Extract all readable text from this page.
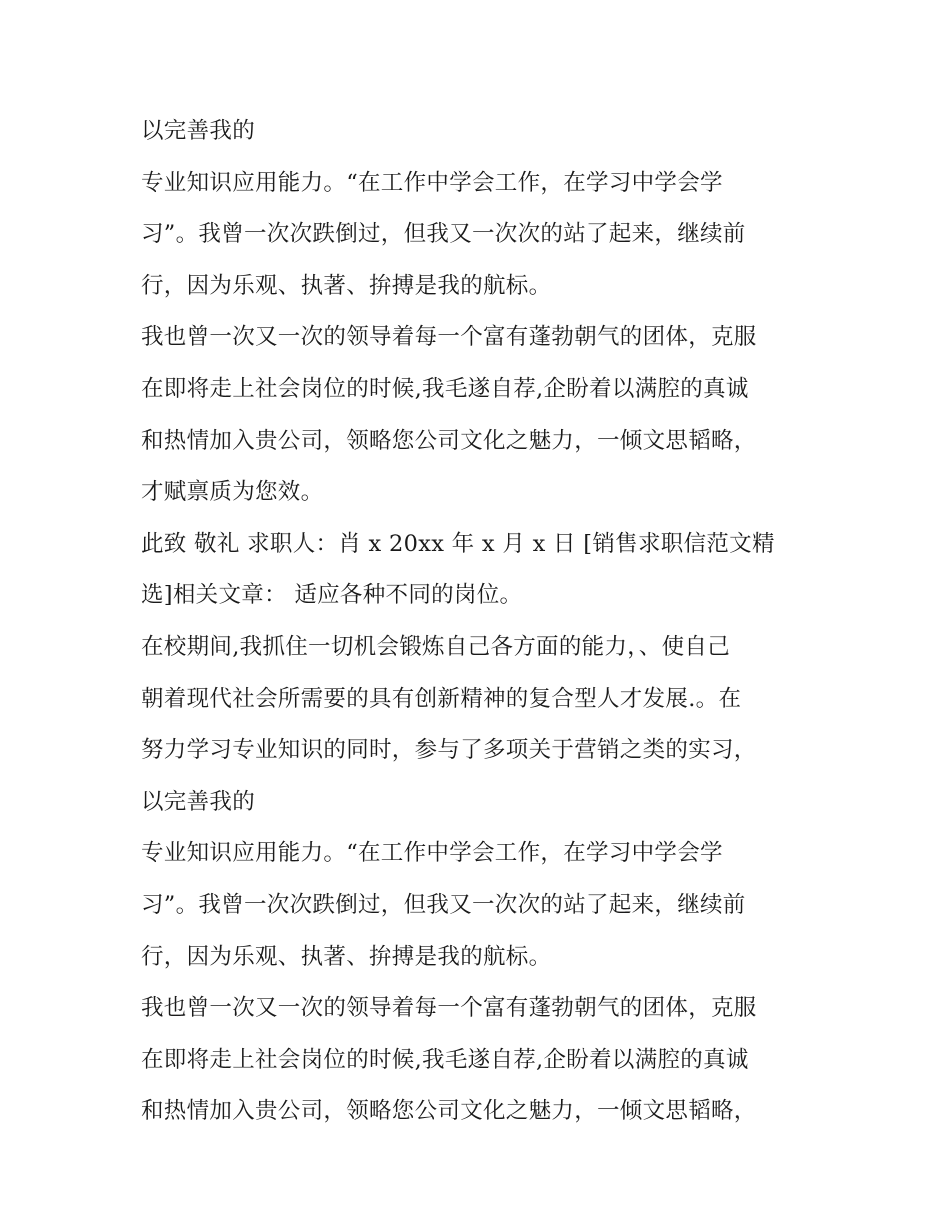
以完善我的
专业知识应用能力。“在工作中学会工作，在学习中学会学
习”。我曾一次次跌倒过，但我又一次次的站了起来，继续前
行，因为乐观、执著、拚搏是我的航标。
我也曾一次又一次的领导着每一个富有蓬勃朝气的团体，克服
在即将走上社会岗位的时候,我毛遂自荐,企盼着以满腔的真诚
和热情加入贵公司，领略您公司文化之魅力，一倾文思韬略，
才赋禀质为您效。
此致 敬礼 求职人：肖 x 20xx 年 x 月 x 日 [销售求职信范文精
选]相关文章： 适应各种不同的岗位。
在校期间,我抓住一切机会锻炼自己各方面的能力，、使自己
朝着现代社会所需要的具有创新精神的复合型人才发展.。在
努力学习专业知识的同时，参与了多项关于营销之类的实习，
以完善我的
专业知识应用能力。“在工作中学会工作，在学习中学会学
习”。我曾一次次跌倒过，但我又一次次的站了起来，继续前
行，因为乐观、执著、拚搏是我的航标。
我也曾一次又一次的领导着每一个富有蓬勃朝气的团体，克服
在即将走上社会岗位的时候,我毛遂自荐,企盼着以满腔的真诚
和热情加入贵公司，领略您公司文化之魅力，一倾文思韬略，
